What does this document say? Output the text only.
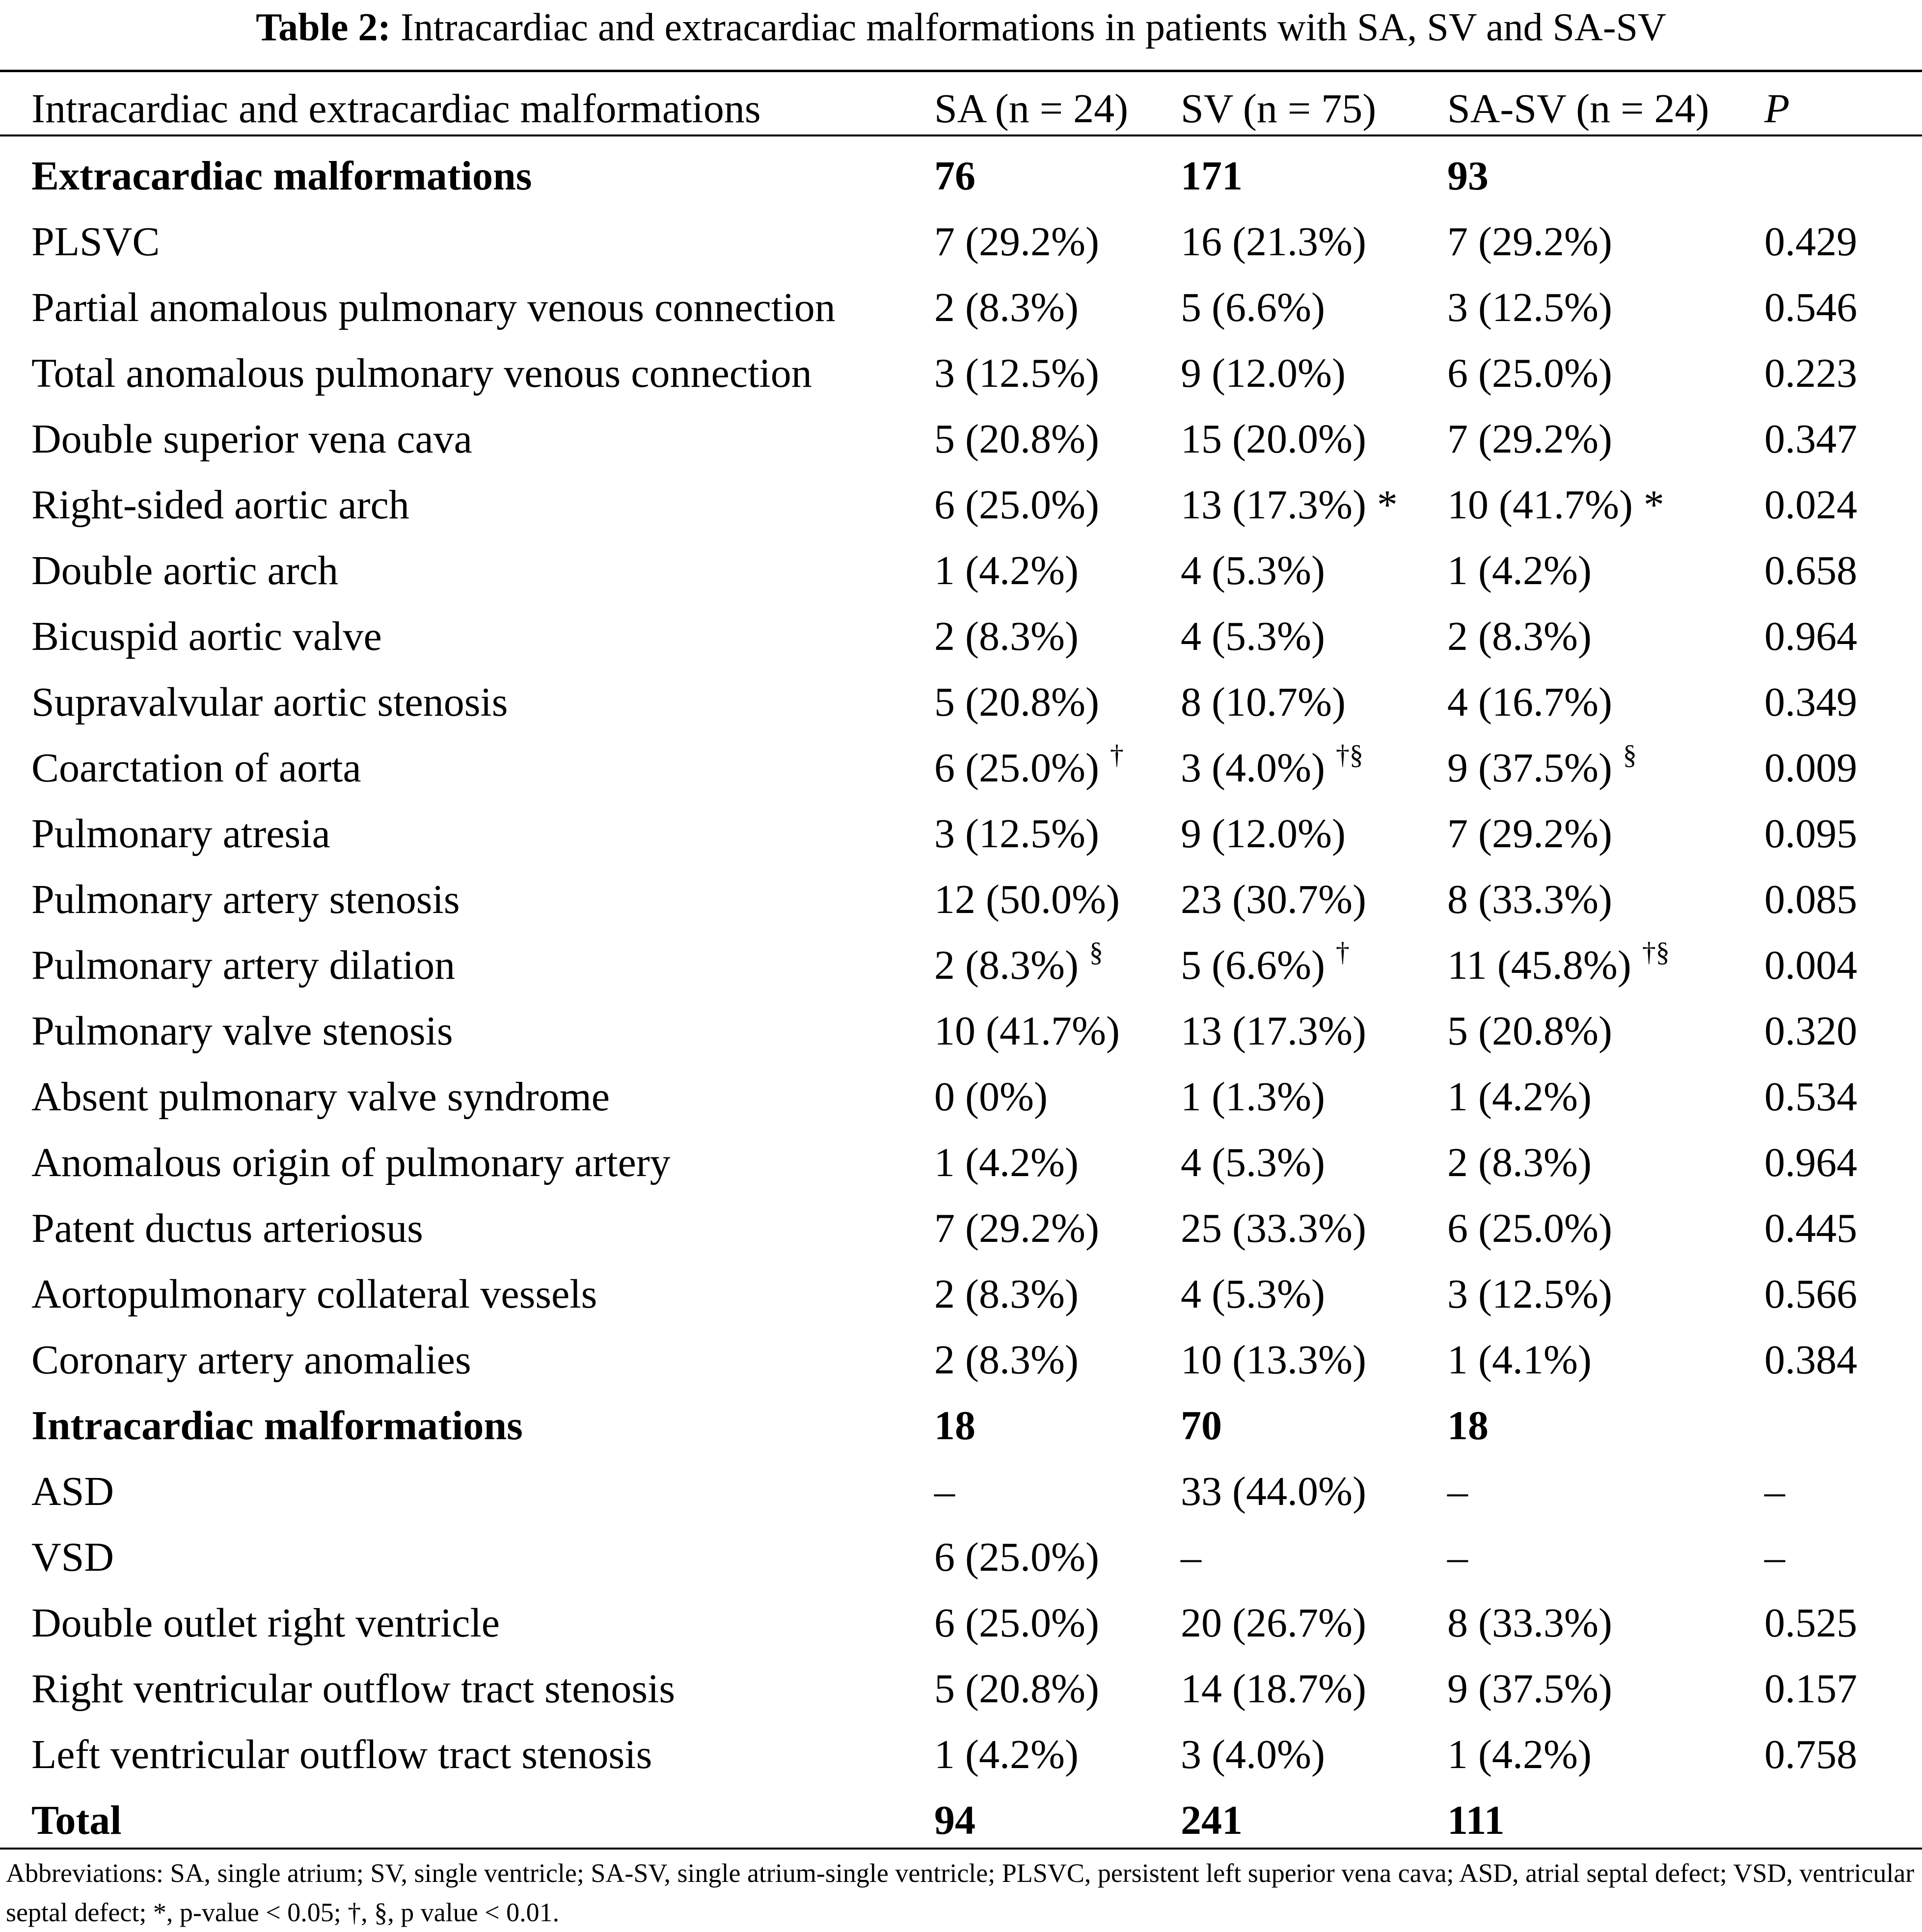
Table 2: Intracardiac and extracardiac malformations in patients with SA, SV and SA-SV
Intracardiac and extracardiac malformations	SA (n = 24) SV (n = 75) SA-SV (n = 24) P
Extracardiac malformations	76	171	93
PLSVC	7 (29.2%) 16 (21.3%) 7 (29.2%)	0.429
Partial anomalous pulmonary venous connection 2 (8.3%) 5 (6.6%)	3 (12.5%)	0.546
Total anomalous pulmonary venous connection	3 (12.5%) 9 (12.0%) 6 (25.0%)	0.223
Double superior vena cava	5 (20.8%) 15 (20.0%) 7 (29.2%)	0.347
Right-sided aortic arch	6 (25.0%) 13 (17.3%) * 10 (41.7%) * 0.024
Double aortic arch	1 (4.2%) 4 (5.3%)	1 (4.2%)	0.658
Bicuspid aortic valve	2 (8.3%) 4 (5.3%)	2 (8.3%)	0.964
Supravalvular aortic stenosis	5 (20.8%) 8 (10.7%) 4 (16.7%)	0.349
Coarctation of aorta	6 (25.0%) † 3 (4.0%) †§ 9 (37.5%) §	0.009
Pulmonary atresia	3 (12.5%) 9 (12.0%) 7 (29.2%)	0.095
Pulmonary artery stenosis	12 (50.0%) 23 (30.7%) 8 (33.3%)	0.085
Pulmonary artery dilation	2 (8.3%) § 5 (6.6%) † 11 (45.8%) †§ 0.004
Pulmonary valve stenosis	10 (41.7%) 13 (17.3%) 5 (20.8%)	0.320
Absent pulmonary valve syndrome	0 (0%)	1 (1.3%)	1 (4.2%)	0.534
Anomalous origin of pulmonary artery	1 (4.2%) 4 (5.3%)	2 (8.3%)	0.964
Patent ductus arteriosus	7 (29.2%) 25 (33.3%) 6 (25.0%)	0.445
Aortopulmonary collateral vessels	2 (8.3%) 4 (5.3%)	3 (12.5%)	0.566
Coronary artery anomalies	2 (8.3%) 10 (13.3%) 1 (4.1%)	0.384
Intracardiac malformations	18	70	18
ASD	–	33 (44.0%) –	–
VSD	6 (25.0%) –	–	–
Double outlet right ventricle	6 (25.0%) 20 (26.7%) 8 (33.3%)	0.525
Right ventricular outflow tract stenosis	5 (20.8%) 14 (18.7%) 9 (37.5%)	0.157
Left ventricular outflow tract stenosis	1 (4.2%) 3 (4.0%)	1 (4.2%)	0.758
Total	94	241	111
Abbreviations: SA, single atrium; SV, single ventricle; SA-SV, single atrium-single ventricle; PLSVC, persistent left superior vena cava; ASD, atrial septal defect; VSD, ventricular septal defect; *, p-value < 0.05; †, §, p value < 0.01.
